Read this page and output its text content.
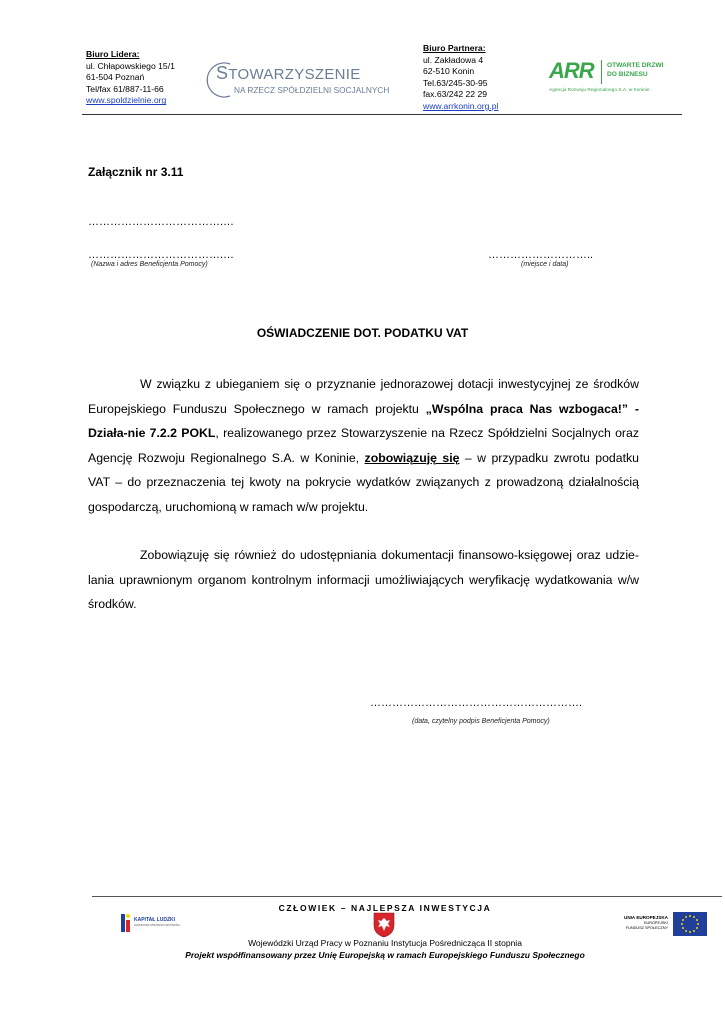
Biuro Lidera:
ul. Chłapowskiego 15/1
61-504 Poznań
Tel/fax 61/887-11-66
www.spoldzielnie.org
STOWARZYSZENIE
NA RZECZ SPÓŁDZIELNI SOCJALNYCH
Biuro Partnera:
ul. Zakładowa 4
62-510 Konin
Tel.63/245-30-95
fax.63/242 22 29
www.arrkonin.org.pl
ARR OTWARTE DRZWI
DO BIZNESU
Agencja Rozwoju Regionalnego S.A. w Koninie
Załącznik nr 3.11
……………………………….…
……………………………….…
(Nazwa i adres Beneficjenta Pomocy)
………………………..
(miejsce i data)
OŚWIADCZENIE DOT. PODATKU VAT
W związku z ubieganiem się o przyznanie jednorazowej dotacji inwestycyjnej ze środków Europejskiego Funduszu Społecznego w ramach projektu „Wspólna praca Nas wzbogaca!” - Działa-nie 7.2.2 POKL, realizowanego przez Stowarzyszenie na Rzecz Spółdzielni Socjalnych oraz Agencję Rozwoju Regionalnego S.A. w Koninie, zobowiązuję się – w przypadku zwrotu podatku VAT – do przeznaczenia tej kwoty na pokrycie wydatków związanych z prowadzoną działalnością gospodarczą, uruchomioną w ramach w/w projektu.
Zobowiązuję się również do udostępniania dokumentacji finansowo-księgowej oraz udzie-lania uprawnionym organom kontrolnym informacji umożliwiających weryfikację wydatkowania w/w środków.
………………………………………………….
(data, czytelny podpis Beneficjenta Pomocy)
CZŁOWIEK – NAJLEPSZA INWESTYCJA
KAPITAŁ LUDZKI
NARODOWA STRATEGIA SPÓJNOŚCI
UNIA EUROPEJSKA
EUROPEJSKI
FUNDUSZ SPOŁECZNY
Wojewódzki Urząd Pracy w Poznaniu Instytucja Pośrednicząca II stopnia
Projekt współfinansowany przez Unię Europejską w ramach Europejskiego Funduszu Społecznego
